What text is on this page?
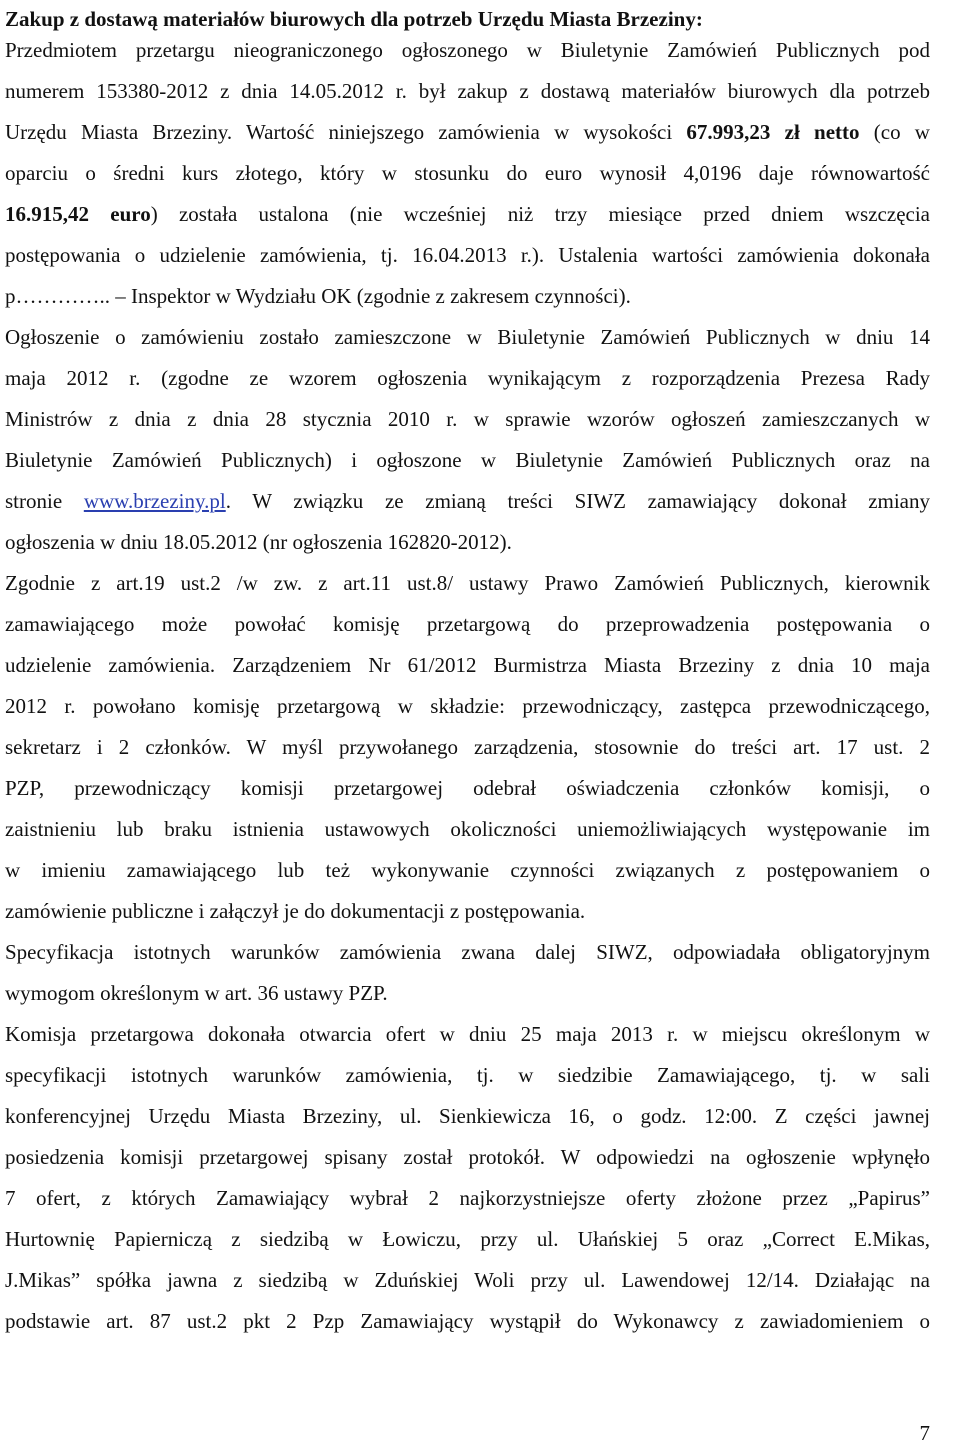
Zakup z dostawą materiałów biurowych dla potrzeb Urzędu Miasta Brzeziny:
Przedmiotem przetargu nieograniczonego ogłoszonego w Biuletynie Zamówień Publicznych pod
numerem 153380-2012 z dnia 14.05.2012 r. był zakup z dostawą materiałów biurowych dla potrzeb
Urzędu Miasta Brzeziny. Wartość niniejszego zamówienia w wysokości 67.993,23 zł netto (co w
oparciu o średni kurs złotego, który w stosunku do euro wynosił 4,0196 daje równowartość
16.915,42 euro) została ustalona (nie wcześniej niż trzy miesiące przed dniem wszczęcia
postępowania o udzielenie zamówienia, tj. 16.04.2013 r.). Ustalenia wartości zamówienia dokonała
p………….. – Inspektor w Wydziału OK (zgodnie z zakresem czynności).
Ogłoszenie o zamówieniu zostało zamieszczone w Biuletynie Zamówień Publicznych w dniu 14
maja 2012 r. (zgodne ze wzorem ogłoszenia wynikającym z rozporządzenia Prezesa Rady
Ministrów z dnia z dnia 28 stycznia 2010 r. w sprawie wzorów ogłoszeń zamieszczanych w
Biuletynie Zamówień Publicznych) i ogłoszone w Biuletynie Zamówień Publicznych oraz na
stronie www.brzeziny.pl. W związku ze zmianą treści SIWZ zamawiający dokonał zmiany
ogłoszenia w dniu 18.05.2012 (nr ogłoszenia 162820-2012).
Zgodnie z art.19 ust.2 /w zw. z art.11 ust.8/ ustawy Prawo Zamówień Publicznych, kierownik
zamawiającego może powołać komisję przetargową do przeprowadzenia postępowania o
udzielenie zamówienia. Zarządzeniem Nr 61/2012 Burmistrza Miasta Brzeziny z dnia 10 maja
2012 r. powołano komisję przetargową w składzie: przewodniczący, zastępca przewodniczącego,
sekretarz i 2 członków. W myśl przywołanego zarządzenia, stosownie do treści art. 17 ust. 2
PZP, przewodniczący komisji przetargowej odebrał oświadczenia członków komisji, o
zaistnieniu lub braku istnienia ustawowych okoliczności uniemożliwiających występowanie im
w imieniu zamawiającego lub też wykonywanie czynności związanych z postępowaniem o
zamówienie publiczne i załączył je do dokumentacji z postępowania.
Specyfikacja istotnych warunków zamówienia zwana dalej SIWZ, odpowiadała obligatoryjnym
wymogom określonym w art. 36 ustawy PZP.
Komisja przetargowa dokonała otwarcia ofert w dniu 25 maja 2013 r. w miejscu określonym w
specyfikacji istotnych warunków zamówienia, tj. w siedzibie Zamawiającego, tj. w sali
konferencyjnej Urzędu Miasta Brzeziny, ul. Sienkiewicza 16, o godz. 12:00. Z części jawnej
posiedzenia komisji przetargowej spisany został protokół. W odpowiedzi na ogłoszenie wpłynęło
7 ofert, z których Zamawiający wybrał 2 najkorzystniejsze oferty złożone przez „Papirus”
Hurtownię Papierniczą z siedzibą w Łowiczu, przy ul. Ułańskiej 5 oraz „Correct E.Mikas,
J.Mikas” spółka jawna z siedzibą w Zduńskiej Woli przy ul. Lawendowej 12/14. Działając na
podstawie art. 87 ust.2 pkt 2 Pzp Zamawiający wystąpił do Wykonawcy z zawiadomieniem o
7
